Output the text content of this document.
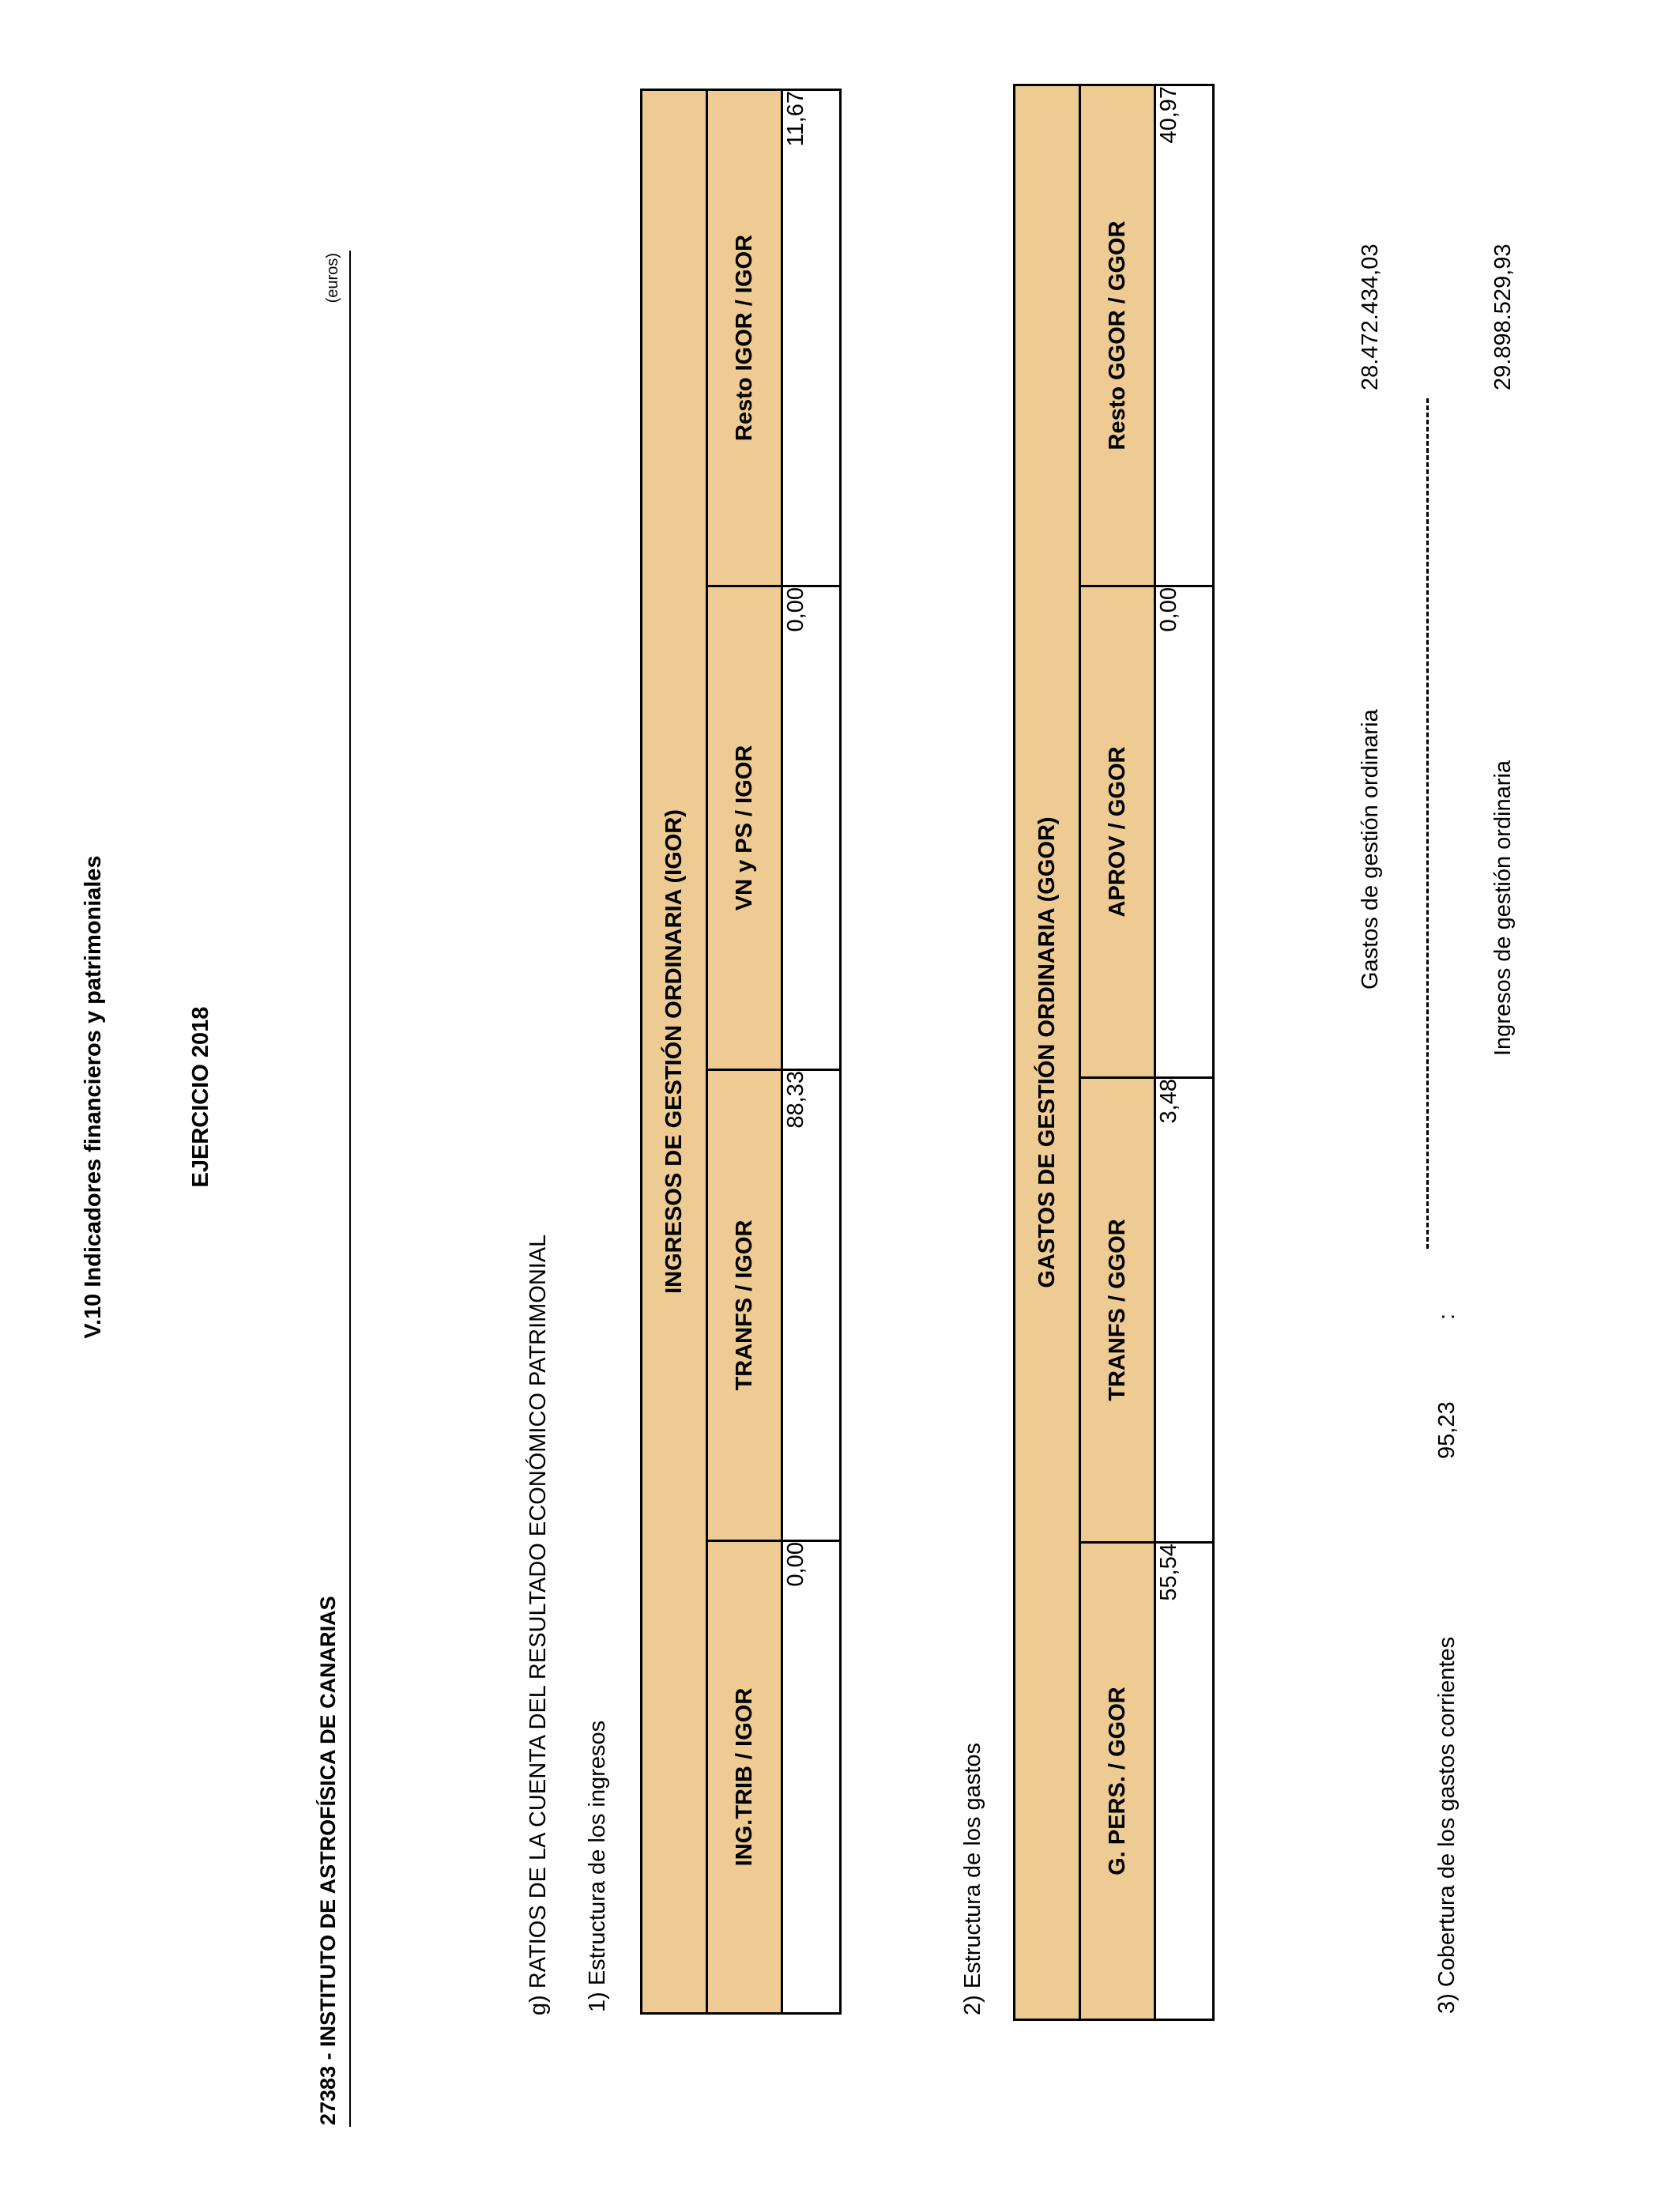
V.10 Indicadores financieros y patrimoniales	EJERCICIO 2018
27383 - INSTITUTO DE ASTROFÍSICA DE CANARIAS
(euros)
g) RATIOS DE LA CUENTA DEL RESULTADO ECONÓMICO PATRIMONIAL 1) Estructura de los ingresos
INGRESOS DE GESTIÓN ORDINARIA (IGOR)			
ING.TRIB / IGOR	TRANFS / IGOR	VN y PS / IGOR	Resto IGOR / IGOR
0,00	88,33	0,00	11,67
2) Estructura de los gastos
GASTOS DE GESTIÓN ORDINARIA (GGOR)			
G. PERS. / GGOR	TRANFS / GGOR	APROV / GGOR	Resto GGOR / GGOR
55,54	3,48	0,00	40,97
3) Cobertura de los gastos corrientes
95,23
:
Gastos de gestión ordinaria
28.472.434,03
Ingresos de gestión ordinaria
29.898.529,93
